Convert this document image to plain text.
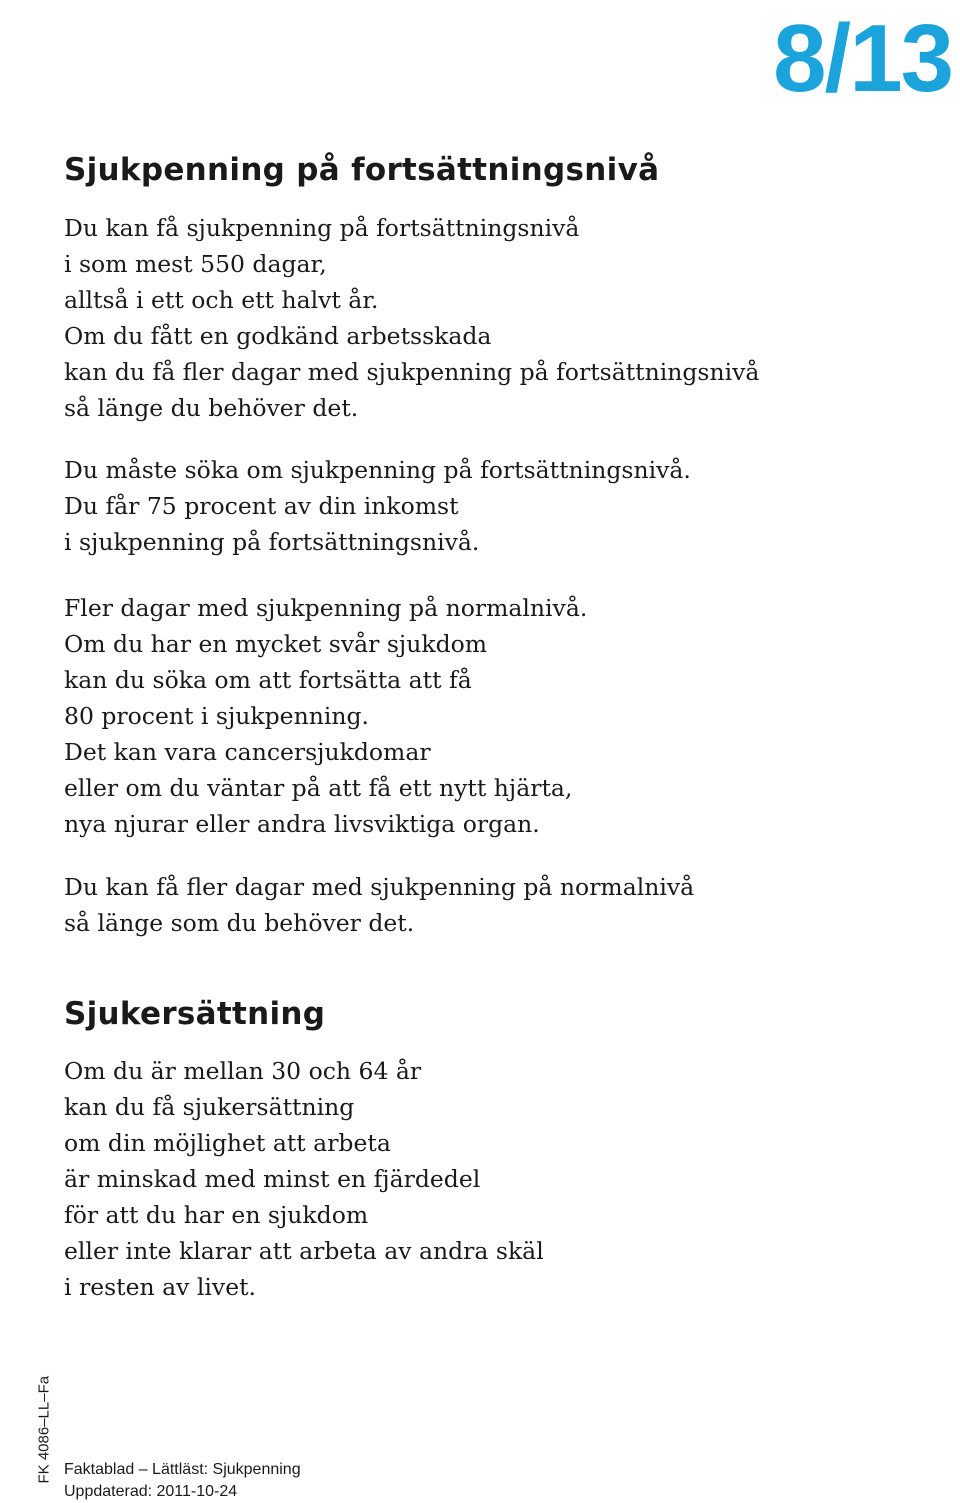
8/13
Sjukpenning på fortsättningsnivå

Du kan få sjukpenning på fortsättningsnivå
i som mest 550 dagar,
alltså i ett och ett halvt år.
Om du fått en godkänd arbetsskada
kan du få fler dagar med sjukpenning på fortsättningsnivå
så länge du behöver det.

Du måste söka om sjukpenning på fortsättningsnivå.
Du får 75 procent av din inkomst
i sjukpenning på fortsättningsnivå.

Fler dagar med sjukpenning på normalnivå.
Om du har en mycket svår sjukdom
kan du söka om att fortsätta att få
80 procent i sjukpenning.
Det kan vara cancersjukdomar
eller om du väntar på att få ett nytt hjärta,
nya njurar eller andra livsviktiga organ.

Du kan få fler dagar med sjukpenning på normalnivå
så länge som du behöver det.

Sjukersättning

Om du är mellan 30 och 64 år
kan du få sjukersättning
om din möjlighet att arbeta
är minskad med minst en fjärdedel
för att du har en sjukdom
eller inte klarar att arbeta av andra skäl
i resten av livet.

FK 4086–LL–Fa Faktablad – Lättläst: Sjukpenning
Uppdaterad: 2011-10-24
